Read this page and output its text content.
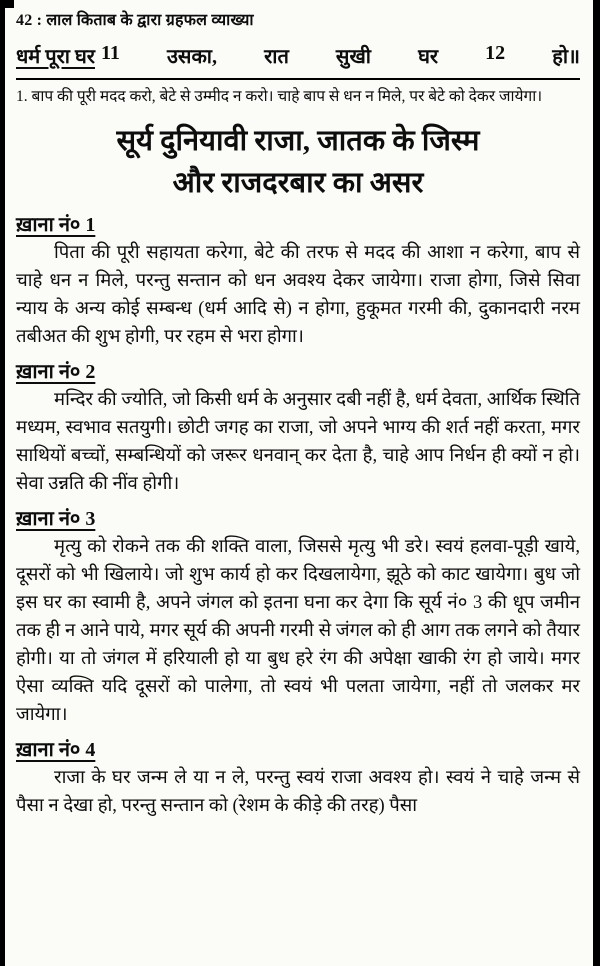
42 : लाल किताब के द्वारा ग्रहफल व्याख्या
धर्म पूरा घर 11 उसका, रात सुखी घर 12 हो॥
1. बाप की पूरी मदद करो, बेटे से उम्मीद न करो। चाहे बाप से धन न मिले, पर बेटे को देकर जायेगा।
सूर्य दुनियावी राजा, जातक के जिस्म
और राजदरबार का असर
ख़ाना नं० 1

पिता की पूरी सहायता करेगा, बेटे की तरफ से मदद की आशा न करेगा, बाप से चाहे धन न मिले, परन्तु सन्तान को धन अवश्य देकर जायेगा। राजा होगा, जिसे सिवा न्याय के अन्य कोई सम्बन्ध (धर्म आदि से) न होगा, हुकूमत गरमी की, दुकानदारी नरम तबीअत की शुभ होगी, पर रहम से भरा होगा।

ख़ाना नं० 2

मन्दिर की ज्योति, जो किसी धर्म के अनुसार दबी नहीं है, धर्म देवता, आर्थिक स्थिति मध्यम, स्वभाव सतयुगी। छोटी जगह का राजा, जो अपने भाग्य की शर्त नहीं करता, मगर साथियों बच्चों, सम्बन्धियों को जरूर धनवान् कर देता है, चाहे आप निर्धन ही क्यों न हो। सेवा उन्नति की नींव होगी।

ख़ाना नं० 3

मृत्यु को रोकने तक की शक्ति वाला, जिससे मृत्यु भी डरे। स्वयं हलवा-पूड़ी खाये, दूसरों को भी खिलाये। जो शुभ कार्य हो कर दिखलायेगा, झूठे को काट खायेगा। बुध जो इस घर का स्वामी है, अपने जंगल को इतना घना कर देगा कि सूर्य नं० 3 की धूप जमीन तक ही न आने पाये, मगर सूर्य की अपनी गरमी से जंगल को ही आग तक लगने को तैयार होगी। या तो जंगल में हरियाली हो या बुध हरे रंग की अपेक्षा खाकी रंग हो जाये। मगर ऐसा व्यक्ति यदि दूसरों को पालेगा, तो स्वयं भी पलता जायेगा, नहीं तो जलकर मर जायेगा।

ख़ाना नं० 4

राजा के घर जन्म ले या न ले, परन्तु स्वयं राजा अवश्य हो। स्वयं ने चाहे जन्म से पैसा न देखा हो, परन्तु सन्तान को (रेशम के कीड़े की तरह) पैसा
